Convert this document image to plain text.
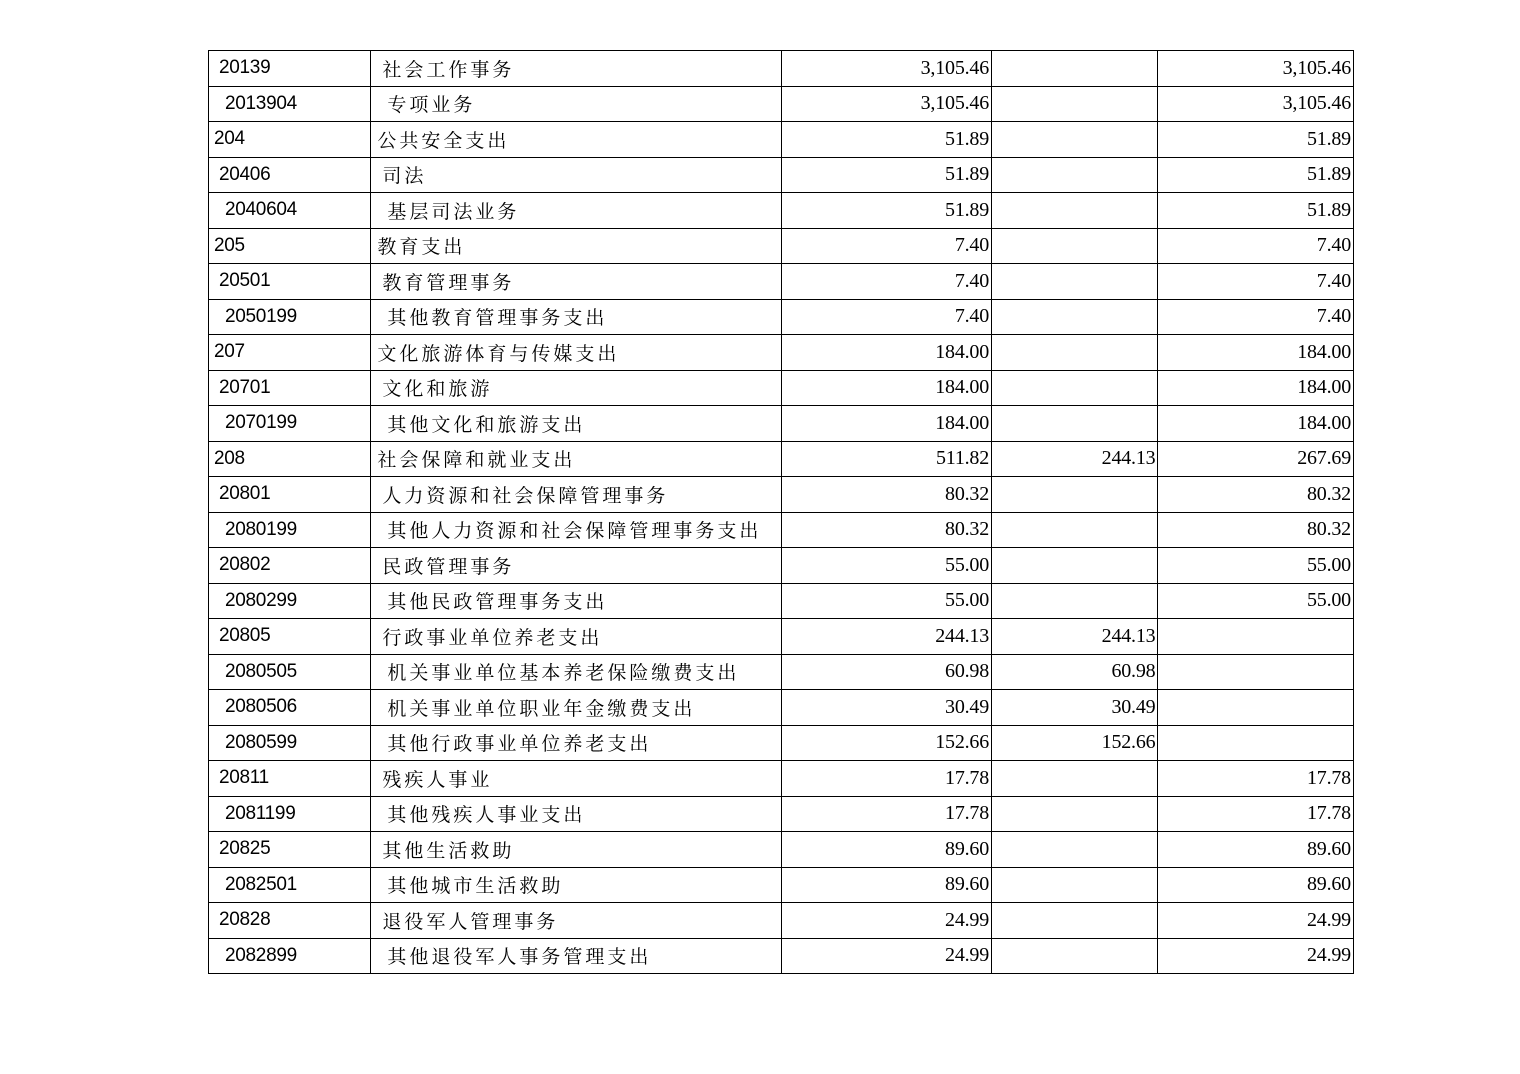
20139	社会工作事务	3,105.46		3,105.46
2013904	专项业务	3,105.46		3,105.46
204	公共安全支出	51.89		51.89
20406	司法	51.89		51.89
2040604	基层司法业务	51.89		51.89
205	教育支出	7.40		7.40
20501	教育管理事务	7.40		7.40
2050199	其他教育管理事务支出	7.40		7.40
207	文化旅游体育与传媒支出	184.00		184.00
20701	文化和旅游	184.00		184.00
2070199	其他文化和旅游支出	184.00		184.00
208	社会保障和就业支出	511.82	244.13	267.69
20801	人力资源和社会保障管理事务	80.32		80.32
2080199	其他人力资源和社会保障管理事务支出	80.32		80.32
20802	民政管理事务	55.00		55.00
2080299	其他民政管理事务支出	55.00		55.00
20805	行政事业单位养老支出	244.13	244.13	
2080505	机关事业单位基本养老保险缴费支出	60.98	60.98	
2080506	机关事业单位职业年金缴费支出	30.49	30.49	
2080599	其他行政事业单位养老支出	152.66	152.66	
20811	残疾人事业	17.78		17.78
2081199	其他残疾人事业支出	17.78		17.78
20825	其他生活救助	89.60		89.60
2082501	其他城市生活救助	89.60		89.60
20828	退役军人管理事务	24.99		24.99
2082899	其他退役军人事务管理支出	24.99		24.99
